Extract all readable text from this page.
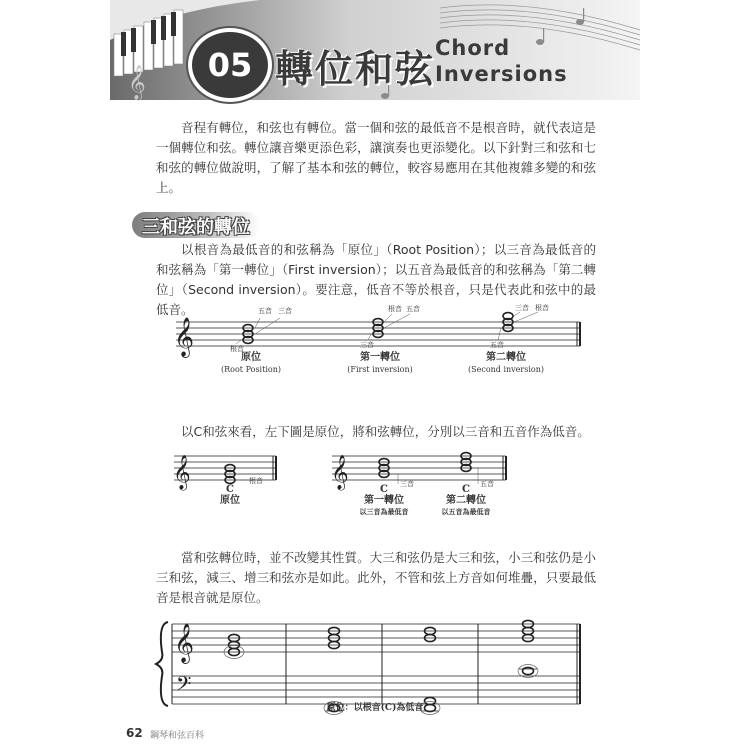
𝄞	05 轉位和弦 Chord
Inversions

音程有轉位，和弦也有轉位。當一個和弦的最低音不是根音時，就代表這是一個轉位和弦。轉位讓音樂更添色彩，讓演奏也更添變化。以下針對三和弦和七和弦的轉位做說明，了解了基本和弦的轉位，較容易應用在其他複雜多變的和弦上。

三和弦的轉位

以根音為最低音的和弦稱為「原位」（Root Position）；以三音為最低音的和弦稱為「第一轉位」（First inversion）；以五音為最低音的和弦稱為「第二轉位」（Second inversion）。要注意，低音不等於根音，只是代表此和弦中的最低音。

𝄞
五音 三音
根音
根音 五音
三音
三音 根音
五音
原位
(Root Position)
第一轉位
(First inversion)
第二轉位
(Second inversion)

以C和弦來看，左下圖是原位，將和弦轉位，分別以三音和五音作為低音。

𝄞	根音
C
原位
𝄞	三音	五音
C
第一轉位
以三音為最低音
C
第二轉位
以五音為最低音

當和弦轉位時，並不改變其性質。大三和弦仍是大三和弦，小三和弦仍是小三和弦，減三、增三和弦亦是如此。此外，不管和弦上方音如何堆疊，只要最低音是根音就是原位。

𝄞
𝄢
原位：以根音(C)為低音
62 鋼琴和弦百科
